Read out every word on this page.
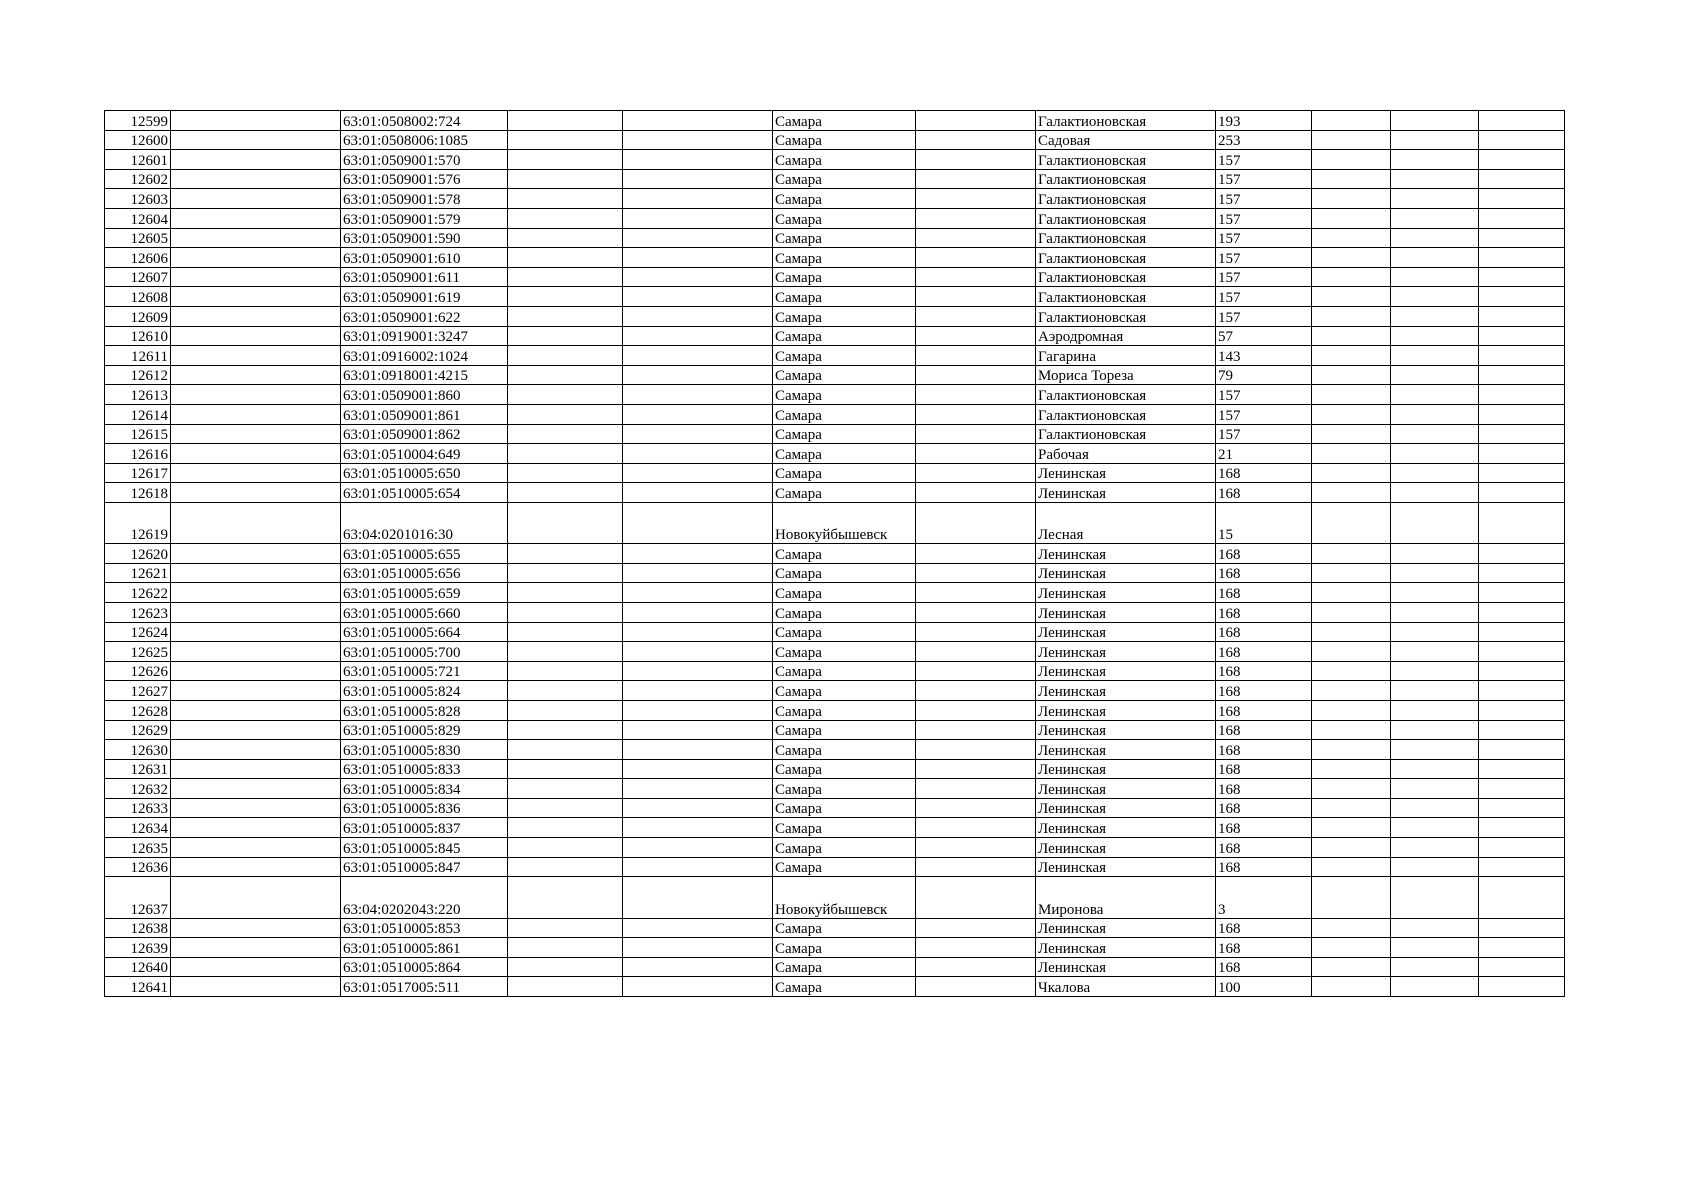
12599		63:01:0508002:724			Самара		Галактионовская	193			
12600		63:01:0508006:1085			Самара		Садовая	253			
12601		63:01:0509001:570			Самара		Галактионовская	157			
12602		63:01:0509001:576			Самара		Галактионовская	157			
12603		63:01:0509001:578			Самара		Галактионовская	157			
12604		63:01:0509001:579			Самара		Галактионовская	157			
12605		63:01:0509001:590			Самара		Галактионовская	157			
12606		63:01:0509001:610			Самара		Галактионовская	157			
12607		63:01:0509001:611			Самара		Галактионовская	157			
12608		63:01:0509001:619			Самара		Галактионовская	157			
12609		63:01:0509001:622			Самара		Галактионовская	157			
12610		63:01:0919001:3247			Самара		Аэродромная	57			
12611		63:01:0916002:1024			Самара		Гагарина	143			
12612		63:01:0918001:4215			Самара		Мориса Тореза	79			
12613		63:01:0509001:860			Самара		Галактионовская	157			
12614		63:01:0509001:861			Самара		Галактионовская	157			
12615		63:01:0509001:862			Самара		Галактионовская	157			
12616		63:01:0510004:649			Самара		Рабочая	21			
12617		63:01:0510005:650			Самара		Ленинская	168			
12618		63:01:0510005:654			Самара		Ленинская	168			
12619		63:04:0201016:30			Новокуйбышевск		Лесная	15			
12620		63:01:0510005:655			Самара		Ленинская	168			
12621		63:01:0510005:656			Самара		Ленинская	168			
12622		63:01:0510005:659			Самара		Ленинская	168			
12623		63:01:0510005:660			Самара		Ленинская	168			
12624		63:01:0510005:664			Самара		Ленинская	168			
12625		63:01:0510005:700			Самара		Ленинская	168			
12626		63:01:0510005:721			Самара		Ленинская	168			
12627		63:01:0510005:824			Самара		Ленинская	168			
12628		63:01:0510005:828			Самара		Ленинская	168			
12629		63:01:0510005:829			Самара		Ленинская	168			
12630		63:01:0510005:830			Самара		Ленинская	168			
12631		63:01:0510005:833			Самара		Ленинская	168			
12632		63:01:0510005:834			Самара		Ленинская	168			
12633		63:01:0510005:836			Самара		Ленинская	168			
12634		63:01:0510005:837			Самара		Ленинская	168			
12635		63:01:0510005:845			Самара		Ленинская	168			
12636		63:01:0510005:847			Самара		Ленинская	168			
12637		63:04:0202043:220			Новокуйбышевск		Миронова	3			
12638		63:01:0510005:853			Самара		Ленинская	168			
12639		63:01:0510005:861			Самара		Ленинская	168			
12640		63:01:0510005:864			Самара		Ленинская	168			
12641		63:01:0517005:511			Самара		Чкалова	100			
